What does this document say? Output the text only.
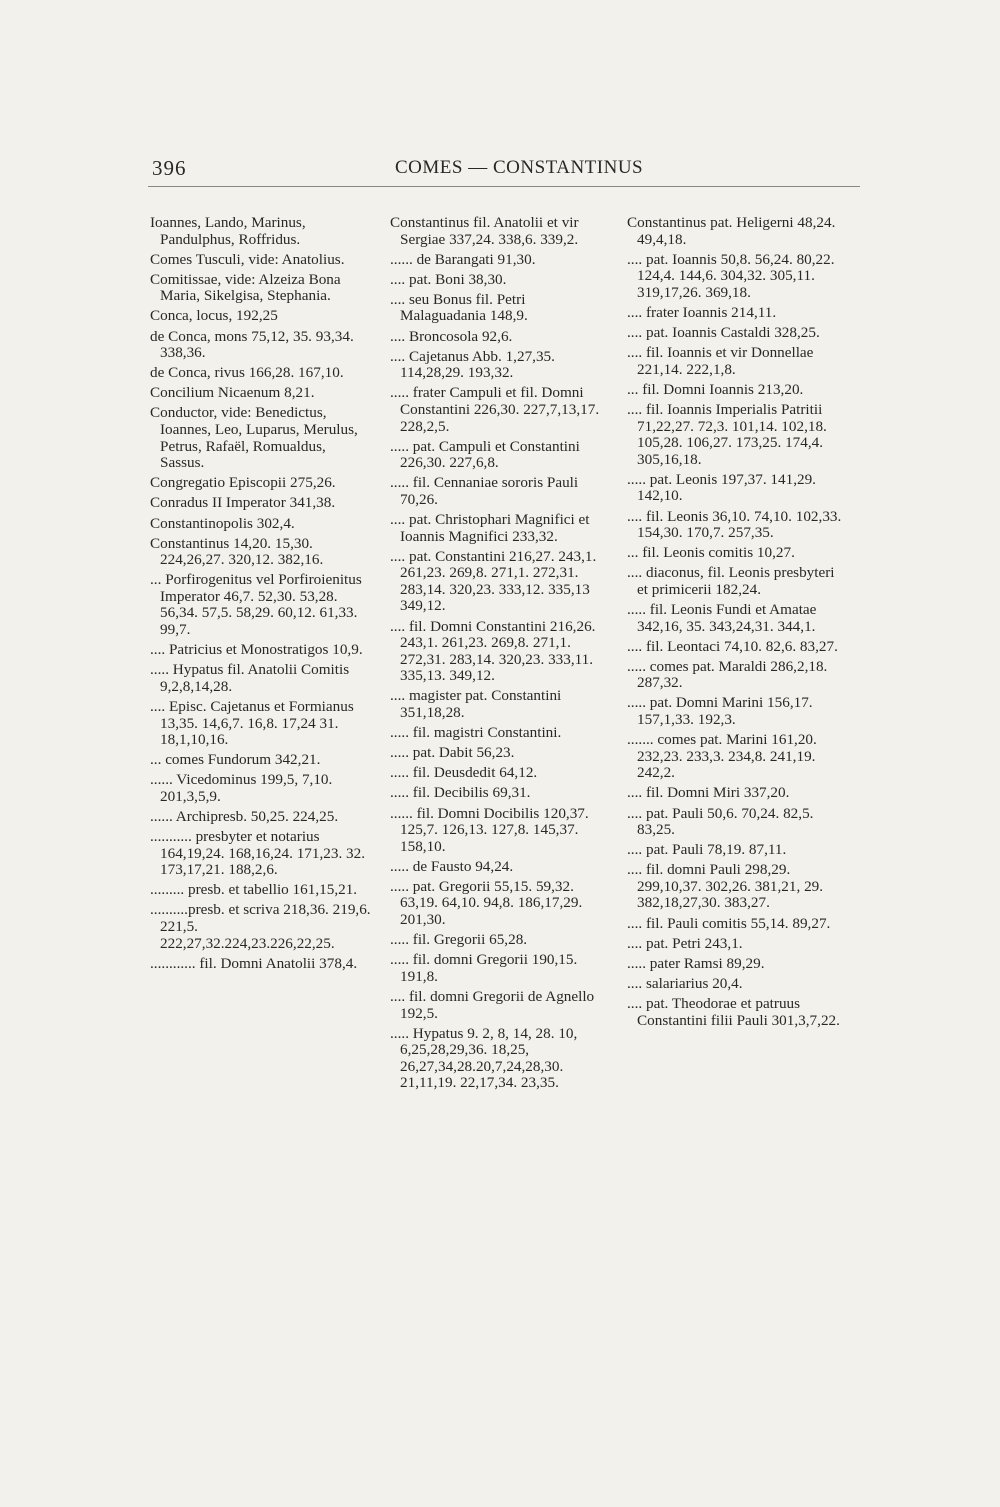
396	COMES — CONSTANTINUS

Ioannes, Lando, Marinus, Pandulphus, Roffridus.

Comes Tusculi, vide: Anatolius.

Comitissae, vide: Alzeiza Bona Maria, Sikelgisa, Stephania.

Conca, locus, 192,25

de Conca, mons 75,12, 35. 93,34. 338,36.

de Conca, rivus 166,28. 167,10.

Concilium Nicaenum 8,21.

Conductor, vide: Benedictus, Ioannes, Leo, Luparus, Merulus, Petrus, Rafaël, Romualdus, Sassus.

Congregatio Episcopii 275,26.

Conradus II Imperator 341,38.

Constantinopolis 302,4.

Constantinus 14,20. 15,30. 224,26,27. 320,12. 382,16.

... Porfirogenitus vel Porfiroienitus Imperator 46,7. 52,30. 53,28. 56,34. 57,5. 58,29. 60,12. 61,33. 99,7.

.... Patricius et Monostratigos 10,9.

..... Hypatus fil. Anatolii Comitis 9,2,8,14,28.

.... Episc. Cajetanus et Formianus 13,35. 14,6,7. 16,8. 17,24 31. 18,1,10,16.

... comes Fundorum 342,21.

...... Vicedominus 199,5, 7,10. 201,3,5,9.

...... Archipresb. 50,25. 224,25.

........... presbyter et notarius 164,19,24. 168,16,24. 171,23. 32. 173,17,21. 188,2,6.

......... presb. et tabellio 161,15,21.

..........presb. et scriva 218,36. 219,6. 221,5. 222,27,32.224,23.226,22,25.

............ fil. Domni Anatolii 378,4.

Constantinus fil. Anatolii et vir Sergiae 337,24. 338,6. 339,2.

...... de Barangati 91,30.

.... pat. Boni 38,30.

.... seu Bonus fil. Petri Malaguadania 148,9.

.... Broncosola 92,6.

.... Cajetanus Abb. 1,27,35. 114,28,29. 193,32.

..... frater Campuli et fil. Domni Constantini 226,30. 227,7,13,17. 228,2,5.

..... pat. Campuli et Constantini 226,30. 227,6,8.

..... fil. Cennaniae sororis Pauli 70,26.

.... pat. Christophari Magnifici et Ioannis Magnifici 233,32.

.... pat. Constantini 216,27. 243,1. 261,23. 269,8. 271,1. 272,31. 283,14. 320,23. 333,12. 335,13 349,12.

.... fil. Domni Constantini 216,26. 243,1. 261,23. 269,8. 271,1. 272,31. 283,14. 320,23. 333,11. 335,13. 349,12.

.... magister pat. Constantini 351,18,28.

..... fil. magistri Constantini.

..... pat. Dabit 56,23.

..... fil. Deusdedit 64,12.

..... fil. Decibilis 69,31.

...... fil. Domni Docibilis 120,37. 125,7. 126,13. 127,8. 145,37. 158,10.

..... de Fausto 94,24.

..... pat. Gregorii 55,15. 59,32. 63,19. 64,10. 94,8. 186,17,29. 201,30.

..... fil. Gregorii 65,28.

..... fil. domni Gregorii 190,15. 191,8.

.... fil. domni Gregorii de Agnello 192,5.

..... Hypatus 9. 2, 8, 14, 28. 10, 6,25,28,29,36. 18,25, 26,27,34,28.20,7,24,28,30. 21,11,19. 22,17,34. 23,35.

Constantinus pat. Heligerni 48,24. 49,4,18.

.... pat. Ioannis 50,8. 56,24. 80,22. 124,4. 144,6. 304,32. 305,11. 319,17,26. 369,18.

.... frater Ioannis 214,11.

.... pat. Ioannis Castaldi 328,25.

.... fil. Ioannis et vir Donnellae 221,14. 222,1,8.

... fil. Domni Ioannis 213,20.

.... fil. Ioannis Imperialis Patritii 71,22,27. 72,3. 101,14. 102,18. 105,28. 106,27. 173,25. 174,4. 305,16,18.

..... pat. Leonis 197,37. 141,29. 142,10.

.... fil. Leonis 36,10. 74,10. 102,33. 154,30. 170,7. 257,35.

... fil. Leonis comitis 10,27.

.... diaconus, fil. Leonis presbyteri et primicerii 182,24.

..... fil. Leonis Fundi et Amatae 342,16, 35. 343,24,31. 344,1.

.... fil. Leontaci 74,10. 82,6. 83,27.

..... comes pat. Maraldi 286,2,18. 287,32.

..... pat. Domni Marini 156,17. 157,1,33. 192,3.

....... comes pat. Marini 161,20. 232,23. 233,3. 234,8. 241,19. 242,2.

.... fil. Domni Miri 337,20.

.... pat. Pauli 50,6. 70,24. 82,5. 83,25.

.... pat. Pauli 78,19. 87,11.

.... fil. domni Pauli 298,29. 299,10,37. 302,26. 381,21, 29. 382,18,27,30. 383,27.

.... fil. Pauli comitis 55,14. 89,27.

.... pat. Petri 243,1.

..... pater Ramsi 89,29.

.... salariarius 20,4.

.... pat. Theodorae et patruus Constantini filii Pauli 301,3,7,22.
